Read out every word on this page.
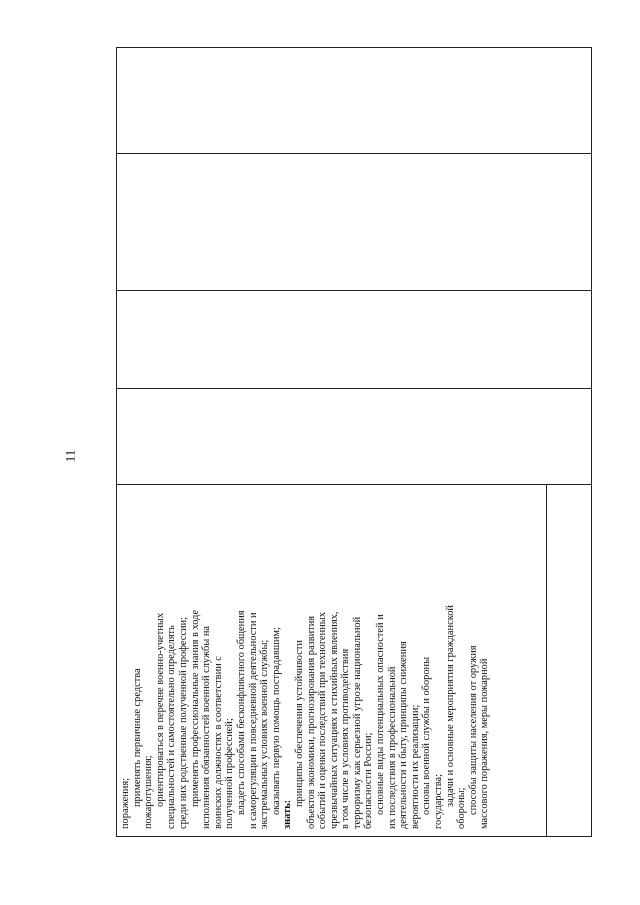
11
поражения; применять первичные средства пожаротушения; ориентироваться в перечне военно-учетных специальностей и самостоятельно определять среди них родственные полученной профессии; применять профессиональные знания в ходе исполнения обязанностей военной службы на воинских должностях в соответствии с полученной профессией; владеть способами бесконфликтного общения и саморегуляции в повседневной деятельности и экстремальных условиях военной службы; оказывать первую помощь пострадавшим; знать:
принципы обеспечения устойчивости объектов экономики, прогнозирования развития событий и оценки последствий при техногенных чрезвычайных ситуациях и стихийных явлениях, в том числе в условиях противодействия терроризму как серьезной угрозе национальной безопасности России; основные виды потенциальных опасностей и их последствия в профессиональной деятельности и быту, принципы снижения вероятности их реализации; основы военной службы и обороны государства; задачи и основные мероприятия гражданской
обороны; способы защиты населения от оружия массового поражения, меры пожарной
